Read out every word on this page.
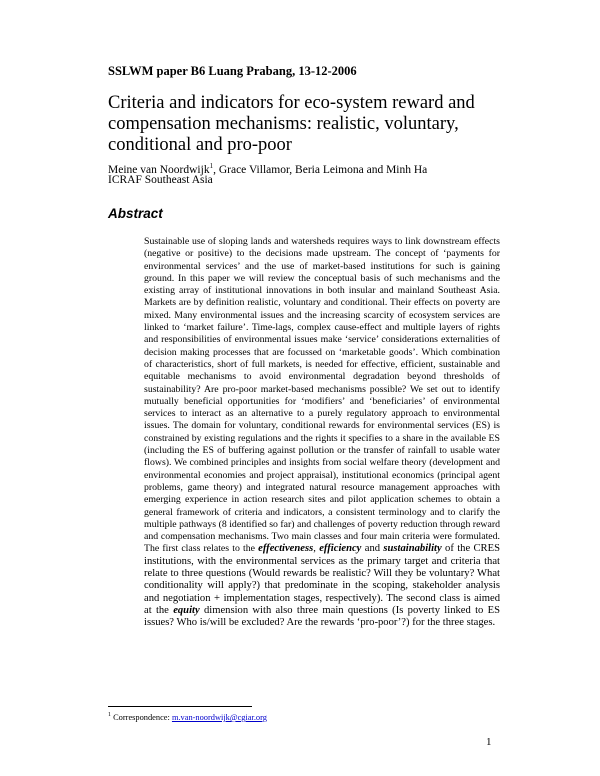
SSLWM paper B6 Luang Prabang, 13-12-2006
Criteria and indicators for eco-system reward and compensation mechanisms: realistic, voluntary, conditional and pro-poor
Meine van Noordwijk$^1$, Grace Villamor, Beria Leimona and Minh Ha
ICRAF Southeast Asia
Abstract
Sustainable use of sloping lands and watersheds requires ways to link downstream effects (negative or positive) to the decisions made upstream. The concept of ‘payments for environmental services’ and the use of market-based institutions for such is gaining ground. In this paper we will review the conceptual basis of such mechanisms and the existing array of institutional innovations in both insular and mainland Southeast Asia. Markets are by definition realistic, voluntary and conditional. Their effects on poverty are mixed. Many environmental issues and the increasing scarcity of ecosystem services are linked to ‘market failure’. Time-lags, complex cause-effect and multiple layers of rights and responsibilities of environmental issues make ‘service’ considerations externalities of decision making processes that are focussed on ‘marketable goods’. Which combination of characteristics, short of full markets, is needed for effective, efficient, sustainable and equitable mechanisms to avoid environmental degradation beyond thresholds of sustainability? Are pro-poor market-based mechanisms possible? We set out to identify mutually beneficial opportunities for ‘modifiers’ and ‘beneficiaries’ of environmental services to interact as an alternative to a purely regulatory approach to environmental issues. The domain for voluntary, conditional rewards for environmental services (ES) is constrained by existing regulations and the rights it specifies to a share in the available ES (including the ES of buffering against pollution or the transfer of rainfall to usable water flows). We combined principles and insights from social welfare theory (development and environmental economies and project appraisal), institutional economics (principal agent problems, game theory) and integrated natural resource management approaches with emerging experience in action research sites and pilot application schemes to obtain a general framework of criteria and indicators, a consistent terminology and to clarify the multiple pathways (8 identified so far) and challenges of poverty reduction through reward and compensation mechanisms. Two main classes and four main criteria were formulated. The first class relates to the effectiveness, efficiency and sustainability of the CRES institutions, with the environmental services as the primary target and criteria that relate to three questions (Would rewards be realistic? Will they be voluntary? What conditionality will apply?) that predominate in the scoping, stakeholder analysis and negotiation + implementation stages, respectively). The second class is aimed at the equity dimension with also three main questions (Is poverty linked to ES issues? Who is/will be excluded? Are the rewards ‘pro-poor’?) for the three stages.
$^1$ Correspondence: m.van-noordwijk@cgiar.org
1
